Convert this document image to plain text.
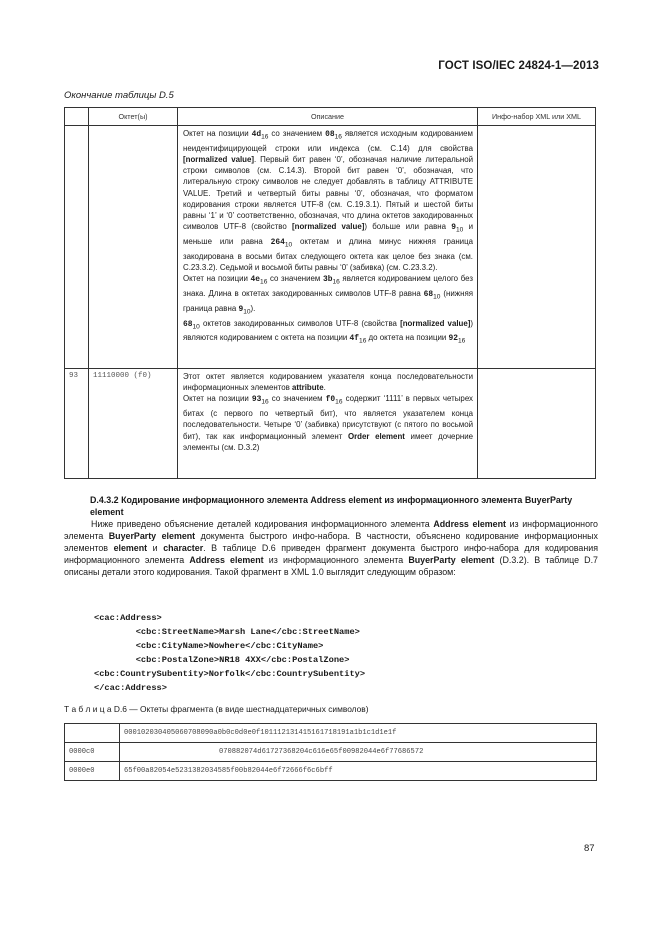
ГОСТ ISO/IEC 24824-1—2013
Окончание таблицы D.5
	Октет(ы)	Описание	Инфо-набор XML или XML

		Октет на позиции $4d_{16}$ со значением $08_{16}$ является исходным кодированием неидентифицирующей строки или индекса (см. С.14) для свойства [normalized value]. Первый бит равен ‘0’, обозначая наличие литеральной строки символов (см. С.14.3). Второй бит равен ‘0’, обозначая, что литеральную строку символов не следует добавлять в таблицу ATTRIBUTE VALUE. Третий и четвертый биты равны ‘0’, обозначая, что форматом кодирования строки является UTF-8 (см. С.19.3.1). Пятый и шестой биты равны ‘1’ и ‘0’ соответственно, обозначая, что длина октетов закодированных символов UTF-8 (свойство [normalized value]) больше или равна $9_{10}$ и меньше или равна $264_{10}$ октетам и длина минус нижняя граница закодирована в восьми битах следующего октета как целое без знака (см. С.23.3.2). Седьмой и восьмой биты равны ‘0’ (забивка) (см. С.23.3.2).

Октет на позиции $4e_{16}$ со значением $3b_{16}$ является кодированием целого без знака. Длина в октетах закодированных символов UTF-8 равна $68_{10}$ (нижняя граница равна $9_{10}$).

$68_{10}$ октетов закодированных символов UTF-8 (свойства [normalized value]) являются кодированием с октета на позиции $4f_{16}$ до октета на позиции $92_{16}$

93	11110000 (f0)	Этот октет является кодированием указателя конца последовательности информационных элементов attribute.

Октет на позиции $93_{16}$ со значением $f0_{16}$ содержит ‘1111’ в первых четырех битах (с первого по четвертый бит), что является указателем конца последовательности. Четыре ‘0’ (забивка) присутствуют (с пятого по восьмой бит), так как информационный элемент Order element имеет дочерние элементы (см. D.3.2)	

D.4.3.2 Кодирование информационного элемента Address element из информационного элемента BuyerParty element
Ниже приведено объяснение деталей кодирования информационного элемента Address element из информационного элемента BuyerParty element документа быстрого инфо-набора. В частности, объяснено кодирование информационных элементов element и character. В таблице D.6 приведен фрагмент документа быстрого инфо-набора для кодирования информационного элемента Address element из информационного элемента BuyerParty element (D.3.2). В таблице D.7 описаны детали этого кодирования. Такой фрагмент в XML 1.0 выглядит следующим образом:
<cac:Address>
<cbc:StreetName>Marsh Lane</cbc:StreetName>
<cbc:CityName>Nowhere</cbc:CityName>
<cbc:PostalZone>NR18 4XX</cbc:PostalZone>
<cbc:CountrySubentity>Norfolk</cbc:CountrySubentity>
</cac:Address>
Т а б л и ц а D.6 — Октеты фрагмента (в виде шестнадцатеричных символов)
	000102030405060708090a0b0c0d0e0f101112131415161718191a1b1c1d1e1f
0000c0	070882074d61727368204c616e65f00982044e6f77686572
0000e0	65f00a82054e5231382034585f00b82044e6f72666f6c6bff
87
